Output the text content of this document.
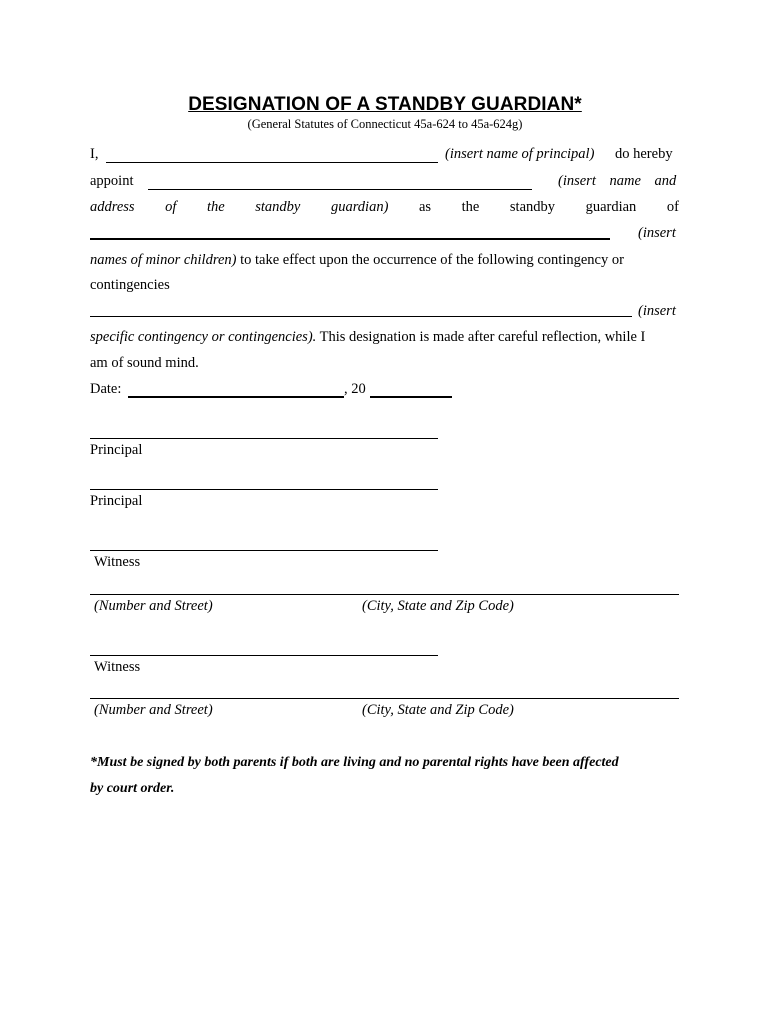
DESIGNATION OF A STANDBY GUARDIAN*
(General Statutes of Connecticut 45a-624 to 45a-624g)
I,	(insert name of principal) do hereby
appoint	(insert name and
address of the standby guardian) as the standby guardian of
(insert
names of minor children) to take effect upon the occurrence of the following contingency or
contingencies
(insert
specific contingency or contingencies). This designation is made after careful reflection, while I
am of sound mind.
Date:	, 20
Principal
Principal
Witness
(Number and Street)	(City, State and Zip Code)
Witness
(Number and Street)	(City, State and Zip Code)
*Must be signed by both parents if both are living and no parental rights have been affected
by court order.
